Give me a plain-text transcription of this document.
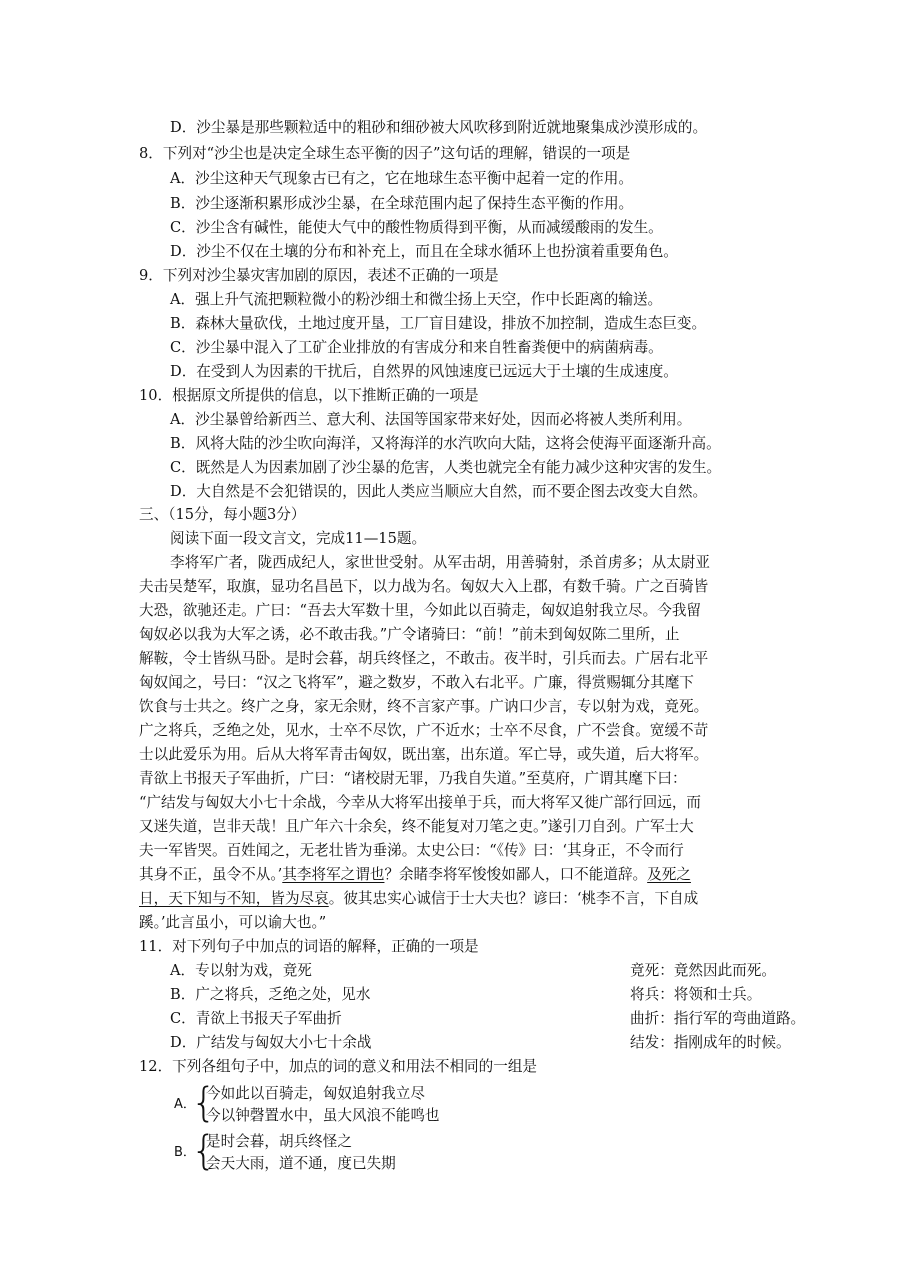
D．沙尘暴是那些颗粒适中的粗砂和细砂被大风吹移到附近就地聚集成沙漠形成的。
8．下列对“沙尘也是决定全球生态平衡的因子”这句话的理解，错误的一项是
A．沙尘这种天气现象古已有之，它在地球生态平衡中起着一定的作用。
B．沙尘逐渐积累形成沙尘暴，在全球范围内起了保持生态平衡的作用。
C．沙尘含有碱性，能使大气中的酸性物质得到平衡，从而减缓酸雨的发生。
D．沙尘不仅在土壤的分布和补充上，而且在全球水循环上也扮演着重要角色。
9．下列对沙尘暴灾害加剧的原因，表述不正确的一项是
A．强上升气流把颗粒微小的粉沙细土和微尘扬上天空，作中长距离的输送。
B．森林大量砍伐，土地过度开垦，工厂盲目建设，排放不加控制，造成生态巨变。
C．沙尘暴中混入了工矿企业排放的有害成分和来自牲畜粪便中的病菌病毒。
D．在受到人为因素的干扰后，自然界的风蚀速度已远远大于土壤的生成速度。
10．根据原文所提供的信息，以下推断正确的一项是
A．沙尘暴曾给新西兰、意大利、法国等国家带来好处，因而必将被人类所利用。
B．风将大陆的沙尘吹向海洋，又将海洋的水汽吹向大陆，这将会使海平面逐渐升高。
C．既然是人为因素加剧了沙尘暴的危害，人类也就完全有能力减少这种灾害的发生。
D．大自然是不会犯错误的，因此人类应当顺应大自然，而不要企图去改变大自然。
三、（15分，每小题3分）
阅读下面一段文言文，完成11—15题。
李将军广者，陇西成纪人，家世世受射。从军击胡，用善骑射，杀首虏多；从太尉亚
夫击吴楚军，取旗，显功名昌邑下，以力战为名。匈奴大入上郡，有数千骑。广之百骑皆
大恐，欲驰还走。广曰：“吾去大军数十里，今如此以百骑走，匈奴追射我立尽。今我留
匈奴必以我为大军之诱，必不敢击我。”广令诸骑曰：“前！”前未到匈奴陈二里所，止
解鞍，令士皆纵马卧。是时会暮，胡兵终怪之，不敢击。夜半时，引兵而去。广居右北平
匈奴闻之，号曰：“汉之飞将军”，避之数岁，不敢入右北平。广廉，得赏赐辄分其麾下
饮食与士共之。终广之身，家无余财，终不言家产事。广讷口少言，专以射为戏，竟死。
广之将兵，乏绝之处，见水，士卒不尽饮，广不近水；士卒不尽食，广不尝食。宽缓不苛
士以此爱乐为用。后从大将军青击匈奴，既出塞，出东道。军亡导，或失道，后大将军。
青欲上书报天子军曲折，广曰：“诸校尉无罪，乃我自失道。”至莫府，广谓其麾下曰：
“广结发与匈奴大小七十余战，今幸从大将军出接单于兵，而大将军又徙广部行回远，而
又迷失道，岂非天哉！且广年六十余矣，终不能复对刀笔之吏。”遂引刀自刭。广军士大
夫一军皆哭。百姓闻之，无老壮皆为垂涕。太史公曰：“《传》曰：‘其身正，不令而行
其身不正，虽令不从。’其李将军之谓也？余睹李将军悛悛如鄙人，口不能道辞。及死之
日，天下知与不知，皆为尽哀。彼其忠实心诚信于士大夫也？谚曰：‘桃李不言，下自成
蹊。’此言虽小，可以谕大也。”
11．对下列句子中加点的词语的解释，正确的一项是
A．专以射为戏，竟死	竟死：竟然因此而死。
B．广之将兵，乏绝之处，见水	将兵：将领和士兵。
C．青欲上书报天子军曲折	曲折：指行军的弯曲道路。
D．广结发与匈奴大小七十余战	结发：指刚成年的时候。
12．下列各组句子中，加点的词的意义和用法不相同的一组是
A．
{
今如此以百骑走，匈奴追射我立尽
今以钟磬置水中，虽大风浪不能鸣也
B．
{
是时会暮，胡兵终怪之
会天大雨，道不通，度已失期
